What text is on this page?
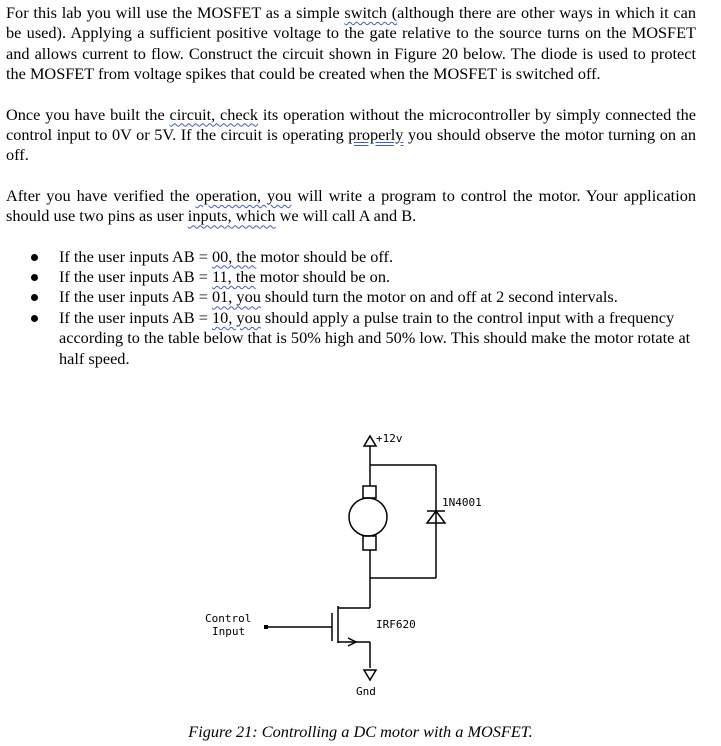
For this lab you will use the MOSFET as a simple switch (although there are other ways in which it can be used). Applying a sufficient positive voltage to the gate relative to the source turns on the MOSFET and allows current to flow. Construct the circuit shown in Figure 20 below. The diode is used to protect the MOSFET from voltage spikes that could be created when the MOSFET is switched off.

Once you have built the circuit, check its operation without the microcontroller by simply connected the control input to 0V or 5V. If the circuit is operating properly you should observe the motor turning on an off.

After you have verified the operation, you will write a program to control the motor. Your application should use two pins as user inputs, which we will call A and B.

If the user inputs AB = 00, the motor should be off.
If the user inputs AB = 11, the motor should be on.
If the user inputs AB = 01, you should turn the motor on and off at 2 second intervals.
If the user inputs AB = 10, you should apply a pulse train to the control input with a frequency according to the table below that is 50% high and 50% low. This should make the motor rotate at half speed.
+12v
1N4001
IRF620
Control
Input
Gnd
Figure 21: Controlling a DC motor with a MOSFET.
